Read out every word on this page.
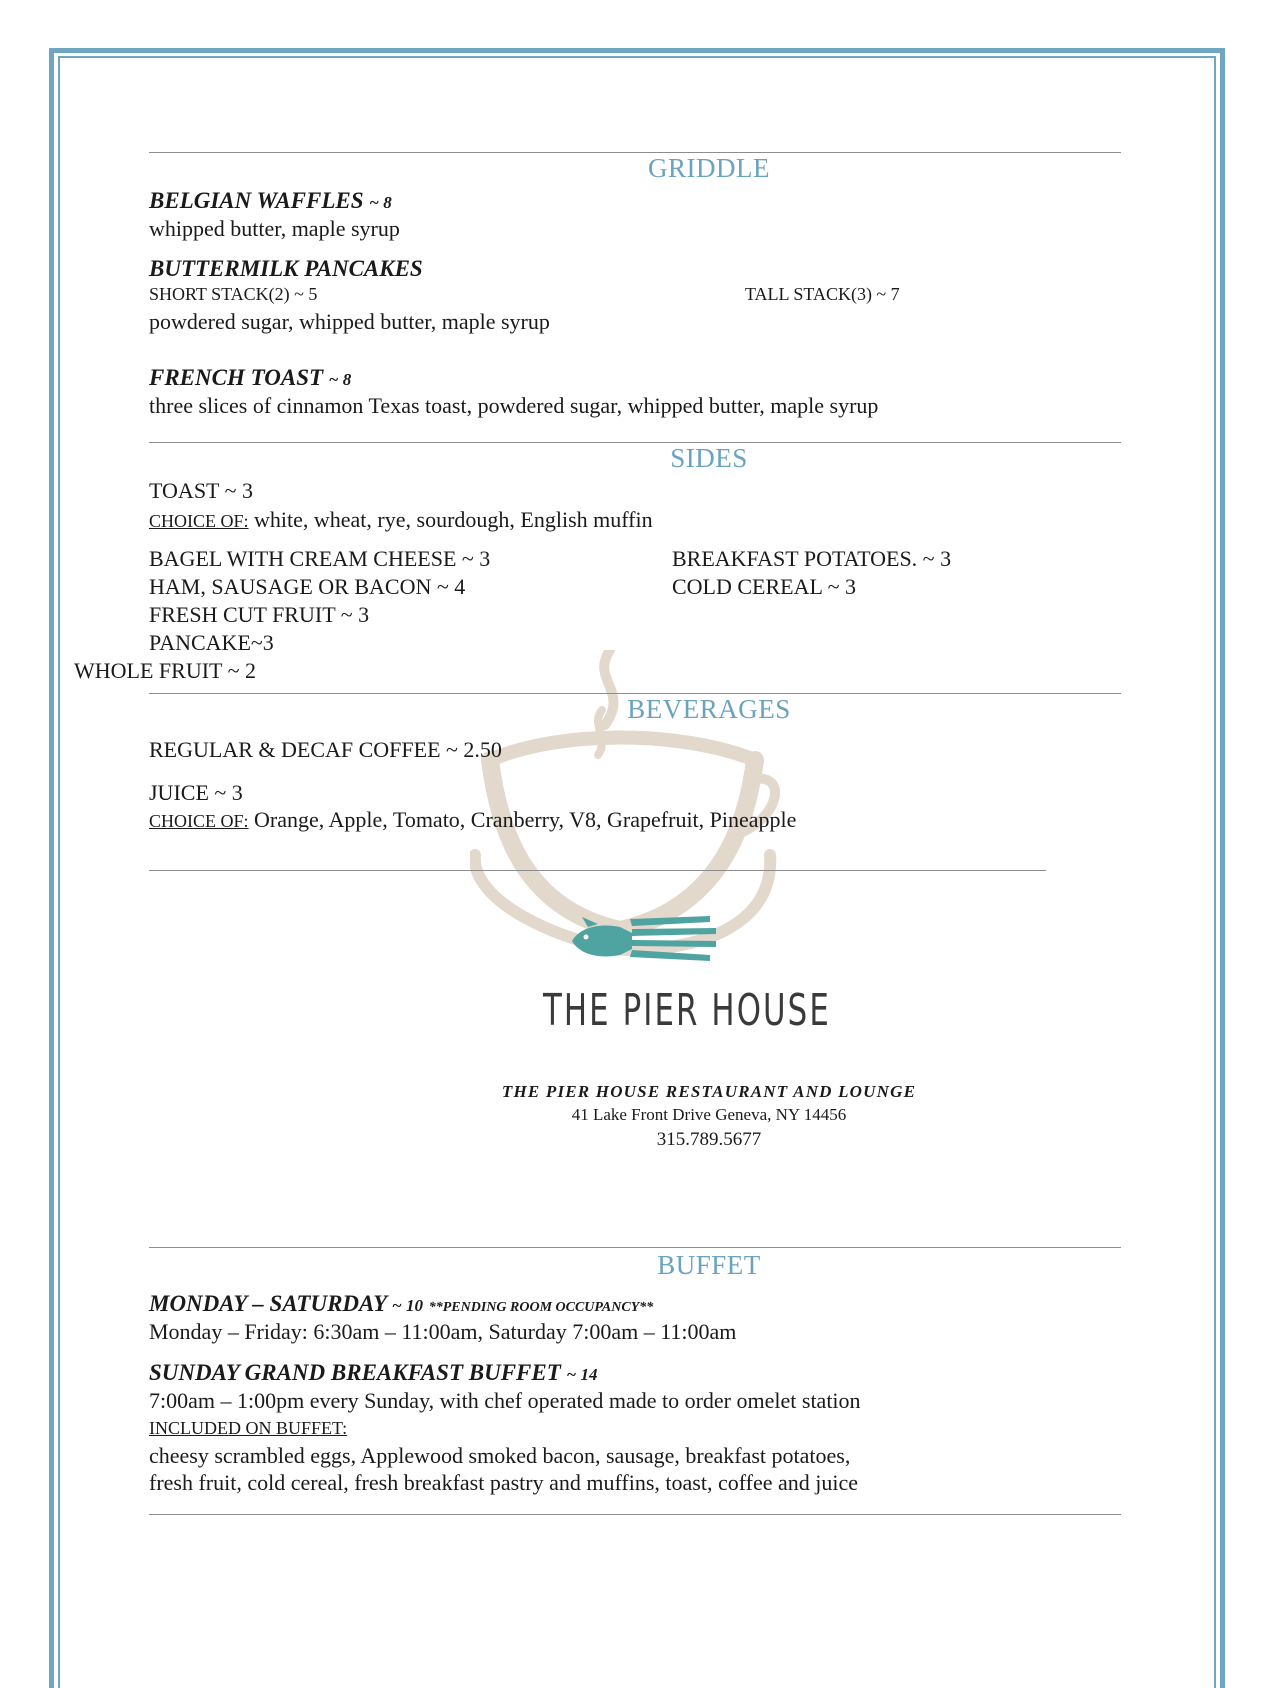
GRIDDLE
BELGIAN WAFFLES ~ 8
whipped butter, maple syrup
BUTTERMILK PANCAKES
SHORT STACK(2) ~ 5	TALL STACK(3) ~ 7
powdered sugar, whipped butter, maple syrup
FRENCH TOAST ~ 8
three slices of cinnamon Texas toast, powdered sugar, whipped butter, maple syrup
SIDES
TOAST ~ 3
CHOICE OF: white, wheat, rye, sourdough, English muffin
BAGEL WITH CREAM CHEESE ~ 3
HAM, SAUSAGE OR BACON ~ 4
FRESH CUT FRUIT ~ 3
PANCAKE~3
BREAKFAST POTATOES. ~ 3
COLD CEREAL ~ 3
WHOLE FRUIT ~ 2
BEVERAGES
REGULAR & DECAF COFFEE ~ 2.50
JUICE ~ 3
CHOICE OF: Orange, Apple, Tomato, Cranberry, V8, Grapefruit, Pineapple
THE PIER HOUSE
THE PIER HOUSE RESTAURANT AND LOUNGE
41 Lake Front Drive Geneva, NY 14456
315.789.5677
BUFFET
MONDAY – SATURDAY ~ 10 **PENDING ROOM OCCUPANCY**
Monday – Friday: 6:30am – 11:00am, Saturday 7:00am – 11:00am
SUNDAY GRAND BREAKFAST BUFFET ~ 14
7:00am – 1:00pm every Sunday, with chef operated made to order omelet station
INCLUDED ON BUFFET:
cheesy scrambled eggs, Applewood smoked bacon, sausage, breakfast potatoes,
fresh fruit, cold cereal, fresh breakfast pastry and muffins, toast, coffee and juice
